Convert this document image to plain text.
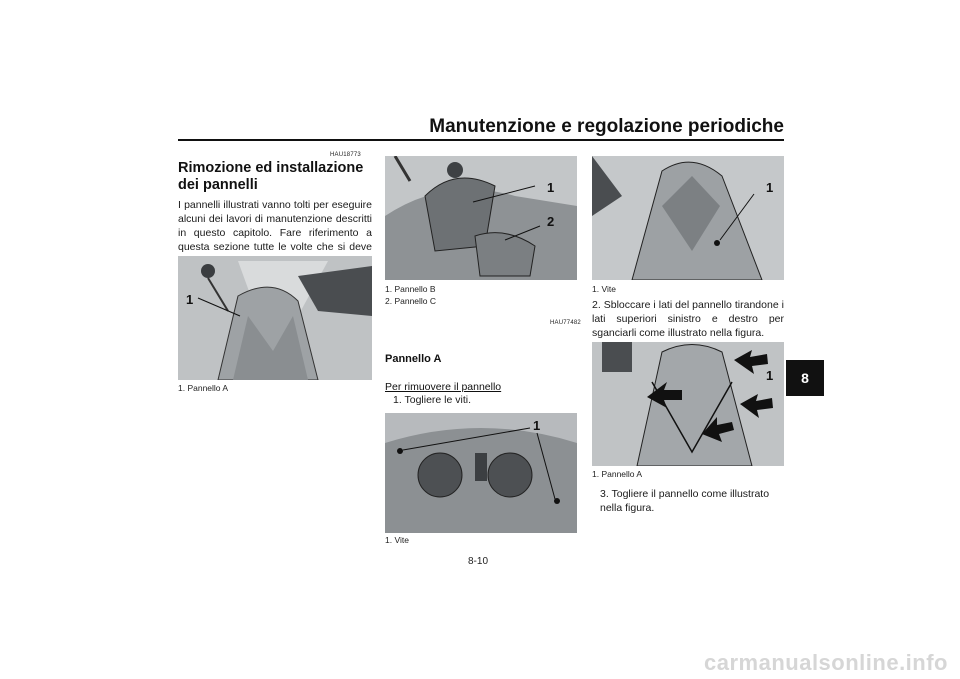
Manutenzione e regolazione periodiche
8
HAU18773
Rimozione ed installazione dei pannelli
I pannelli illustrati vanno tolti per eseguire alcuni dei lavori di manutenzione descritti in questo capitolo. Fare riferimento a questa sezione tutte le volte che si deve
1
1. Pannello A
1
2
1. Pannello B
2. Pannello C
HAU77482
Pannello A
Per rimuovere il pannello
1. Togliere le viti.
1
1. Vite
1
1. Vite
2. Sbloccare i lati del pannello tirandone i lati superiori sinistro e destro per sganciarli come illustrato nella figura.
1
1. Pannello A
3. Togliere il pannello come illustrato nella figura.
8-10
carmanualsonline.info
